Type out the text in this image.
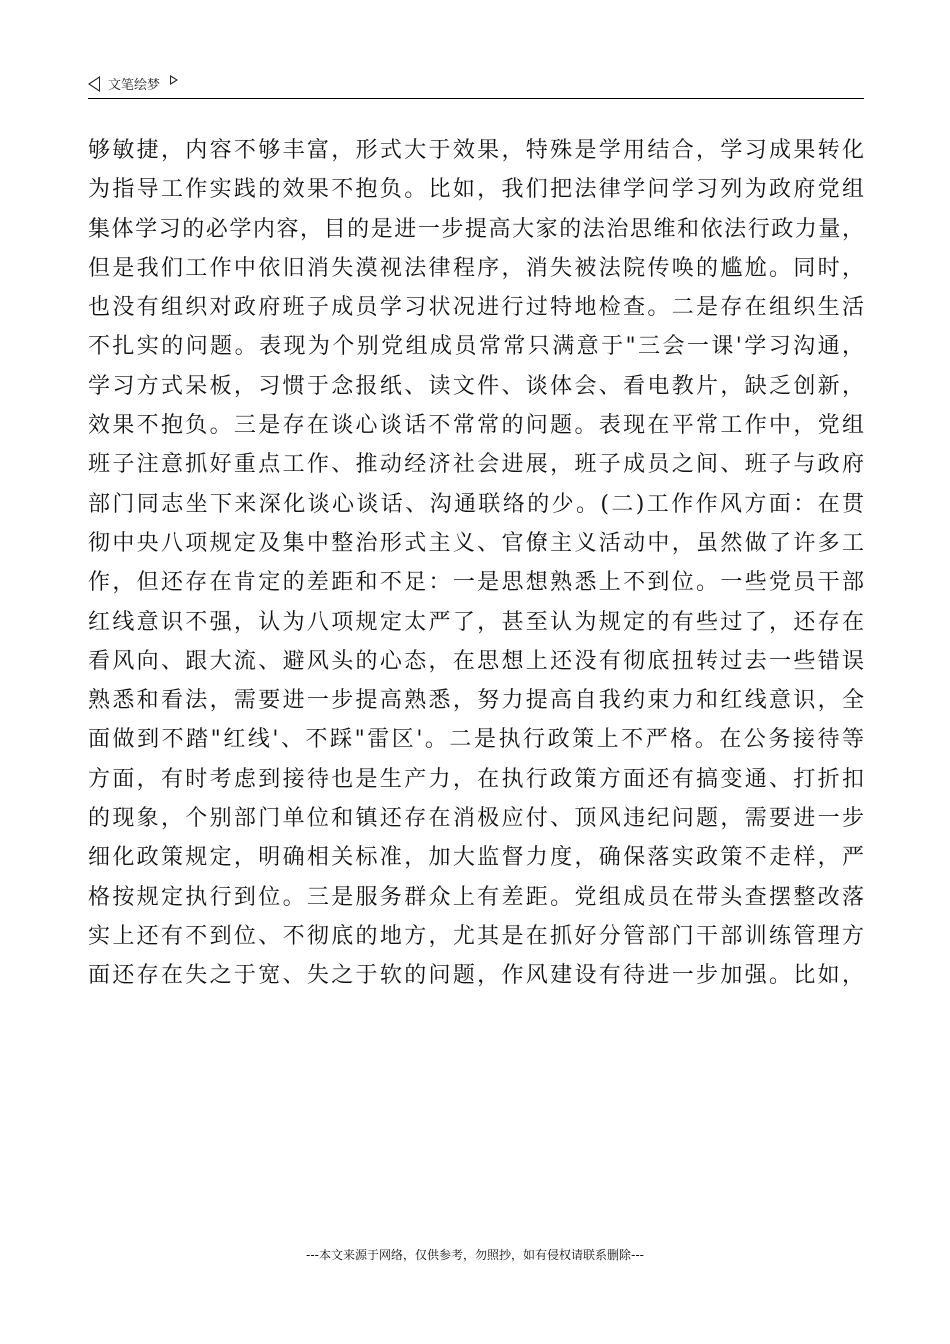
文笔绘梦
够敏捷，内容不够丰富，形式大于效果，特殊是学用结合，学习成果转化
为指导工作实践的效果不抱负。比如，我们把法律学问学习列为政府党组
集体学习的必学内容，目的是进一步提高大家的法治思维和依法行政力量，
但是我们工作中依旧消失漠视法律程序，消失被法院传唤的尴尬。同时，
也没有组织对政府班子成员学习状况进行过特地检查。二是存在组织生活
不扎实的问题。表现为个别党组成员常常只满意于"三会一课'学习沟通，
学习方式呆板，习惯于念报纸、读文件、谈体会、看电教片，缺乏创新，
效果不抱负。三是存在谈心谈话不常常的问题。表现在平常工作中，党组
班子注意抓好重点工作、推动经济社会进展，班子成员之间、班子与政府
部门同志坐下来深化谈心谈话、沟通联络的少。(二)工作作风方面：在贯
彻中央八项规定及集中整治形式主义、官僚主义活动中，虽然做了许多工
作，但还存在肯定的差距和不足：一是思想熟悉上不到位。一些党员干部
红线意识不强，认为八项规定太严了，甚至认为规定的有些过了，还存在
看风向、跟大流、避风头的心态，在思想上还没有彻底扭转过去一些错误
熟悉和看法，需要进一步提高熟悉，努力提高自我约束力和红线意识，全
面做到不踏"红线'、不踩"雷区'。二是执行政策上不严格。在公务接待等
方面，有时考虑到接待也是生产力，在执行政策方面还有搞变通、打折扣
的现象，个别部门单位和镇还存在消极应付、顶风违纪问题，需要进一步
细化政策规定，明确相关标准，加大监督力度，确保落实政策不走样，严
格按规定执行到位。三是服务群众上有差距。党组成员在带头查摆整改落
实上还有不到位、不彻底的地方，尤其是在抓好分管部门干部训练管理方
面还存在失之于宽、失之于软的问题，作风建设有待进一步加强。比如，
---本文来源于网络，仅供参考，勿照抄，如有侵权请联系删除---
